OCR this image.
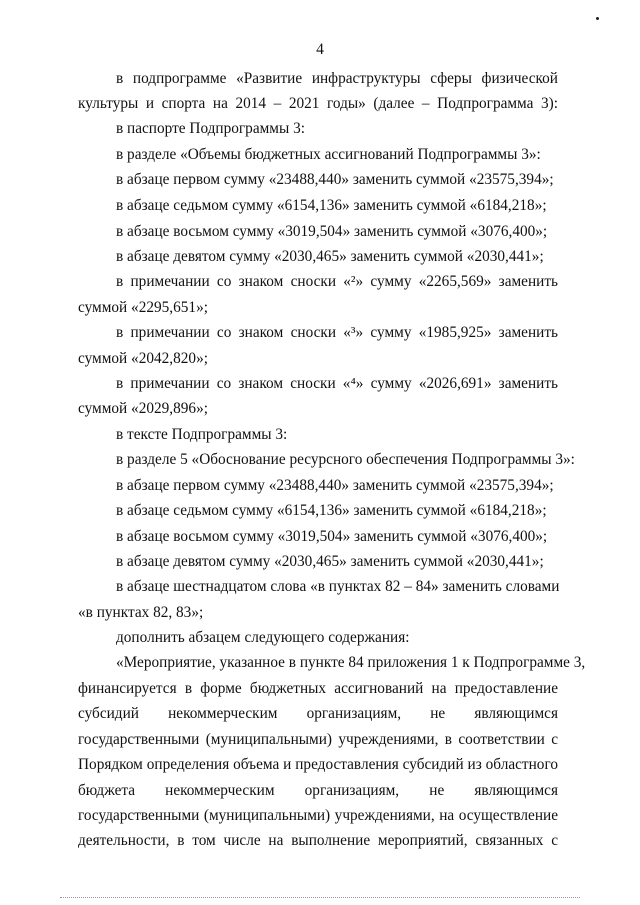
4
в подпрограмме «Развитие инфраструктуры сферы физической
культуры и спорта на 2014 – 2021 годы» (далее – Подпрограмма 3):
в паспорте Подпрограммы 3:
в разделе «Объемы бюджетных ассигнований Подпрограммы 3»:
в абзаце первом сумму «23488,440» заменить суммой «23575,394»;
в абзаце седьмом сумму «6154,136» заменить суммой «6184,218»;
в абзаце восьмом сумму «3019,504» заменить суммой «3076,400»;
в абзаце девятом сумму «2030,465» заменить суммой «2030,441»;
в примечании со знаком сноски «²» сумму «2265,569» заменить
суммой «2295,651»;
в примечании со знаком сноски «³» сумму «1985,925» заменить
суммой «2042,820»;
в примечании со знаком сноски «⁴» сумму «2026,691» заменить
суммой «2029,896»;
в тексте Подпрограммы 3:
в разделе 5 «Обоснование ресурсного обеспечения Подпрограммы 3»:
в абзаце первом сумму «23488,440» заменить суммой «23575,394»;
в абзаце седьмом сумму «6154,136» заменить суммой «6184,218»;
в абзаце восьмом сумму «3019,504» заменить суммой «3076,400»;
в абзаце девятом сумму «2030,465» заменить суммой «2030,441»;
в абзаце шестнадцатом слова «в пунктах 82 – 84» заменить словами
«в пунктах 82, 83»;
дополнить абзацем следующего содержания:
«Мероприятие, указанное в пункте 84 приложения 1 к Подпрограмме 3,
финансируется в форме бюджетных ассигнований на предоставление
субсидий некоммерческим организациям, не являющимся
государственными (муниципальными) учреждениями, в соответствии с
Порядком определения объема и предоставления субсидий из областного
бюджета некоммерческим организациям, не являющимся
государственными (муниципальными) учреждениями, на осуществление
деятельности, в том числе на выполнение мероприятий, связанных с
